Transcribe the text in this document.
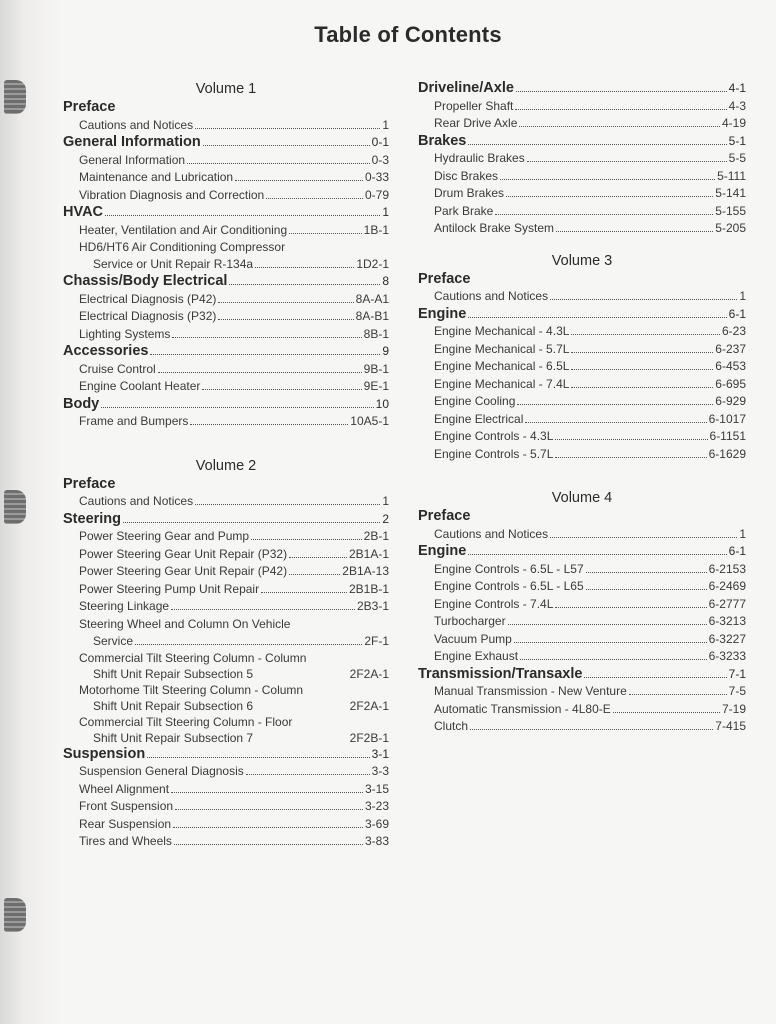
Table of Contents
Volume 1
Preface
Cautions and Notices	1
General Information	0-1
General Information	0-3
Maintenance and Lubrication	0-33
Vibration Diagnosis and Correction	0-79
HVAC	1
Heater, Ventilation and Air Conditioning	1B-1
HD6/HT6 Air Conditioning Compressor
Service or Unit Repair R-134a	1D2-1
Chassis/Body Electrical	8
Electrical Diagnosis (P42)	8A-A1
Electrical Diagnosis (P32)	8A-B1
Lighting Systems	8B-1
Accessories	9
Cruise Control	9B-1
Engine Coolant Heater	9E-1
Body	10
Frame and Bumpers	10A5-1
Volume 2
Preface
Cautions and Notices	1
Steering	2
Power Steering Gear and Pump	2B-1
Power Steering Gear Unit Repair (P32)	2B1A-1
Power Steering Gear Unit Repair (P42)	2B1A-13
Power Steering Pump Unit Repair	2B1B-1
Steering Linkage	2B3-1
Steering Wheel and Column On Vehicle
Service	2F-1
Commercial Tilt Steering Column - Column
Shift Unit Repair Subsection 5	2F2A-1
Motorhome Tilt Steering Column - Column
Shift Unit Repair Subsection 6	2F2A-1
Commercial Tilt Steering Column - Floor
Shift Unit Repair Subsection 7	2F2B-1
Suspension	3-1
Suspension General Diagnosis	3-3
Wheel Alignment	3-15
Front Suspension	3-23
Rear Suspension	3-69
Tires and Wheels	3-83
Driveline/Axle	4-1
Propeller Shaft	4-3
Rear Drive Axle	4-19
Brakes	5-1
Hydraulic Brakes	5-5
Disc Brakes	5-111
Drum Brakes	5-141
Park Brake	5-155
Antilock Brake System	5-205
Volume 3
Preface
Cautions and Notices	1
Engine	6-1
Engine Mechanical - 4.3L	6-23
Engine Mechanical - 5.7L	6-237
Engine Mechanical - 6.5L	6-453
Engine Mechanical - 7.4L	6-695
Engine Cooling	6-929
Engine Electrical	6-1017
Engine Controls - 4.3L	6-1151
Engine Controls - 5.7L	6-1629
Volume 4
Preface
Cautions and Notices	1
Engine	6-1
Engine Controls - 6.5L - L57	6-2153
Engine Controls - 6.5L - L65	6-2469
Engine Controls - 7.4L	6-2777
Turbocharger	6-3213
Vacuum Pump	6-3227
Engine Exhaust	6-3233
Transmission/Transaxle	7-1
Manual Transmission - New Venture	7-5
Automatic Transmission - 4L80-E	7-19
Clutch	7-415
